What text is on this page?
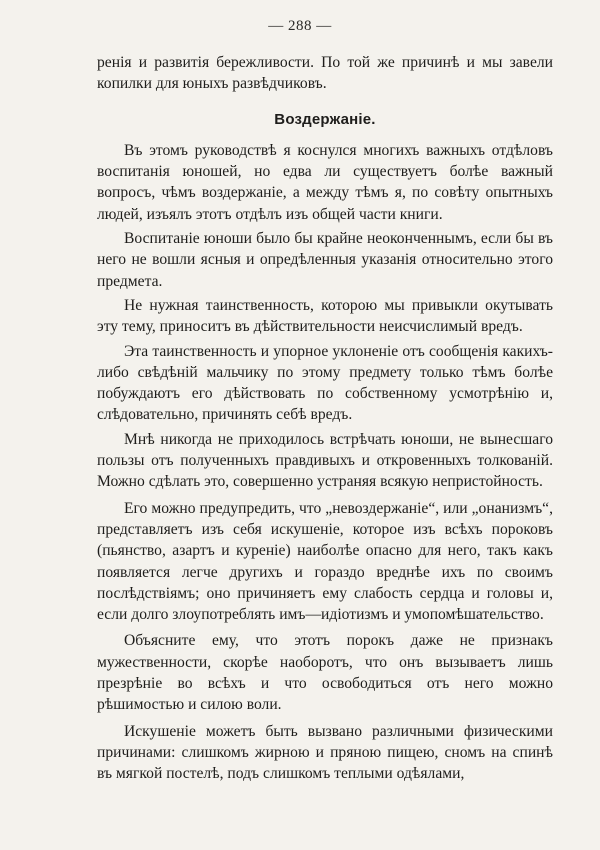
— 288 —

ренія и развитія бережливости. По той же причинѣ и мы завели копилки для юныхъ развѣдчиковъ.

Воздержаніе.

Въ этомъ руководствѣ я коснулся многихъ важныхъ отдѣловъ воспитанія юношей, но едва ли существуетъ болѣе важный вопросъ, чѣмъ воздержаніе, а между тѣмъ я, по совѣту опытныхъ людей, изъялъ этотъ отдѣлъ изъ общей части книги.

Воспитаніе юноши было бы крайне неоконченнымъ, если бы въ него не вошли ясныя и опредѣленныя указанія относительно этого предмета.

Не нужная таинственность, которою мы привыкли окутывать эту тему, приноситъ въ дѣйствительности неисчислимый вредъ.

Эта таинственность и упорное уклоненіе отъ сообщенія какихъ-либо свѣдѣній мальчику по этому предмету только тѣмъ болѣе побуждаютъ его дѣйствовать по собственному усмотрѣнію и, слѣдовательно, причинять себѣ вредъ.

Мнѣ никогда не приходилось встрѣчать юноши, не вынесшаго пользы отъ полученныхъ правдивыхъ и откровенныхъ толкованій. Можно сдѣлать это, совершенно устраняя всякую непристойность.

Его можно предупредить, что „невоздержаніе“, или „онанизмъ“, представляетъ изъ себя искушеніе, которое изъ всѣхъ пороковъ (пьянство, азартъ и куреніе) наиболѣе опасно для него, такъ какъ появляется легче другихъ и гораздо вреднѣе ихъ по своимъ послѣдствіямъ; оно причиняетъ ему слабость сердца и головы и, если долго злоупотреблять имъ—идіотизмъ и умопомѣшательство.

Объясните ему, что этотъ порокъ даже не признакъ мужественности, скорѣе наоборотъ, что онъ вызываетъ лишь презрѣніе во всѣхъ и что освободиться отъ него можно рѣшимостью и силою воли.

Искушеніе можетъ быть вызвано различными физическими причинами: слишкомъ жирною и пряною пищею, сномъ на спинѣ въ мягкой постелѣ, подъ слишкомъ теплыми одѣялами,
